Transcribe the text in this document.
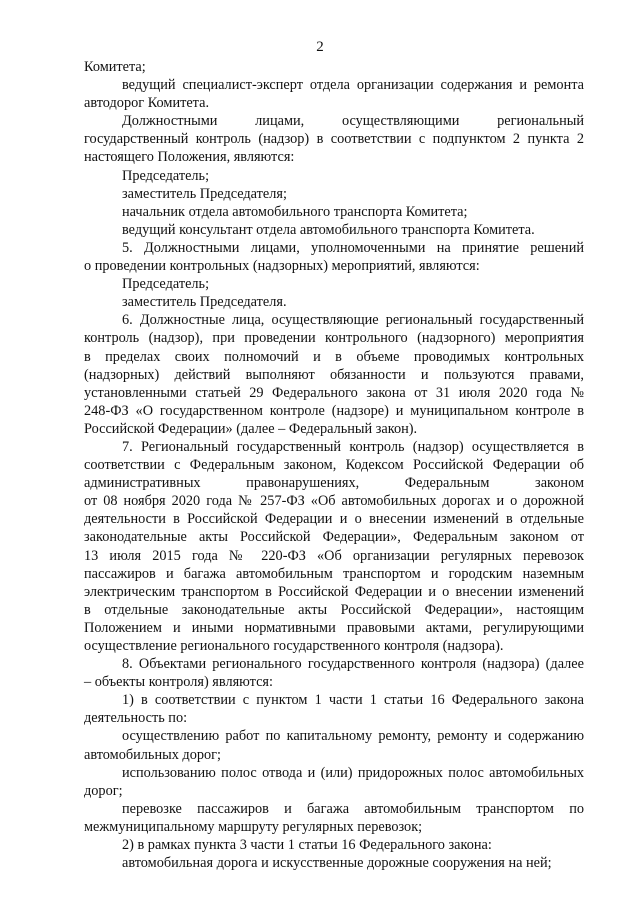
2

Комитета;

ведущий специалист-эксперт отдела организации содержания и ремонта

автодорог Комитета.

Должностными лицами, осуществляющими региональный

государственный контроль (надзор) в соответствии с подпунктом 2 пункта 2

настоящего Положения, являются:

Председатель;

заместитель Председателя;

начальник отдела автомобильного транспорта Комитета;

ведущий консультант отдела автомобильного транспорта Комитета.

5. Должностными лицами, уполномоченными на принятие решений

о проведении контрольных (надзорных) мероприятий, являются:

Председатель;

заместитель Председателя.

6. Должностные лица, осуществляющие региональный государственный

контроль (надзор), при проведении контрольного (надзорного) мероприятия

в пределах своих полномочий и в объеме проводимых контрольных

(надзорных) действий выполняют обязанности и пользуются правами,

установленными статьей 29 Федерального закона от 31 июля 2020 года №

248-ФЗ «О государственном контроле (надзоре) и муниципальном контроле в

Российской Федерации» (далее – Федеральный закон).

7. Региональный государственный контроль (надзор) осуществляется в

соответствии с Федеральным законом, Кодексом Российской Федерации об

административных правонарушениях, Федеральным законом

от 08 ноября 2020 года № 257-ФЗ «Об автомобильных дорогах и о дорожной

деятельности в Российской Федерации и о внесении изменений в отдельные

законодательные акты Российской Федерации», Федеральным законом от

13 июля 2015 года № 220-ФЗ «Об организации регулярных перевозок

пассажиров и багажа автомобильным транспортом и городским наземным

электрическим транспортом в Российской Федерации и о внесении изменений

в отдельные законодательные акты Российской Федерации», настоящим

Положением и иными нормативными правовыми актами, регулирующими

осуществление регионального государственного контроля (надзора).

8. Объектами регионального государственного контроля (надзора) (далее

– объекты контроля) являются:

1) в соответствии с пунктом 1 части 1 статьи 16 Федерального закона

деятельность по:

осуществлению работ по капитальному ремонту, ремонту и содержанию

автомобильных дорог;

использованию полос отвода и (или) придорожных полос автомобильных

дорог;

перевозке пассажиров и багажа автомобильным транспортом по

межмуниципальному маршруту регулярных перевозок;

2) в рамках пункта 3 части 1 статьи 16 Федерального закона:

автомобильная дорога и искусственные дорожные сооружения на ней;
